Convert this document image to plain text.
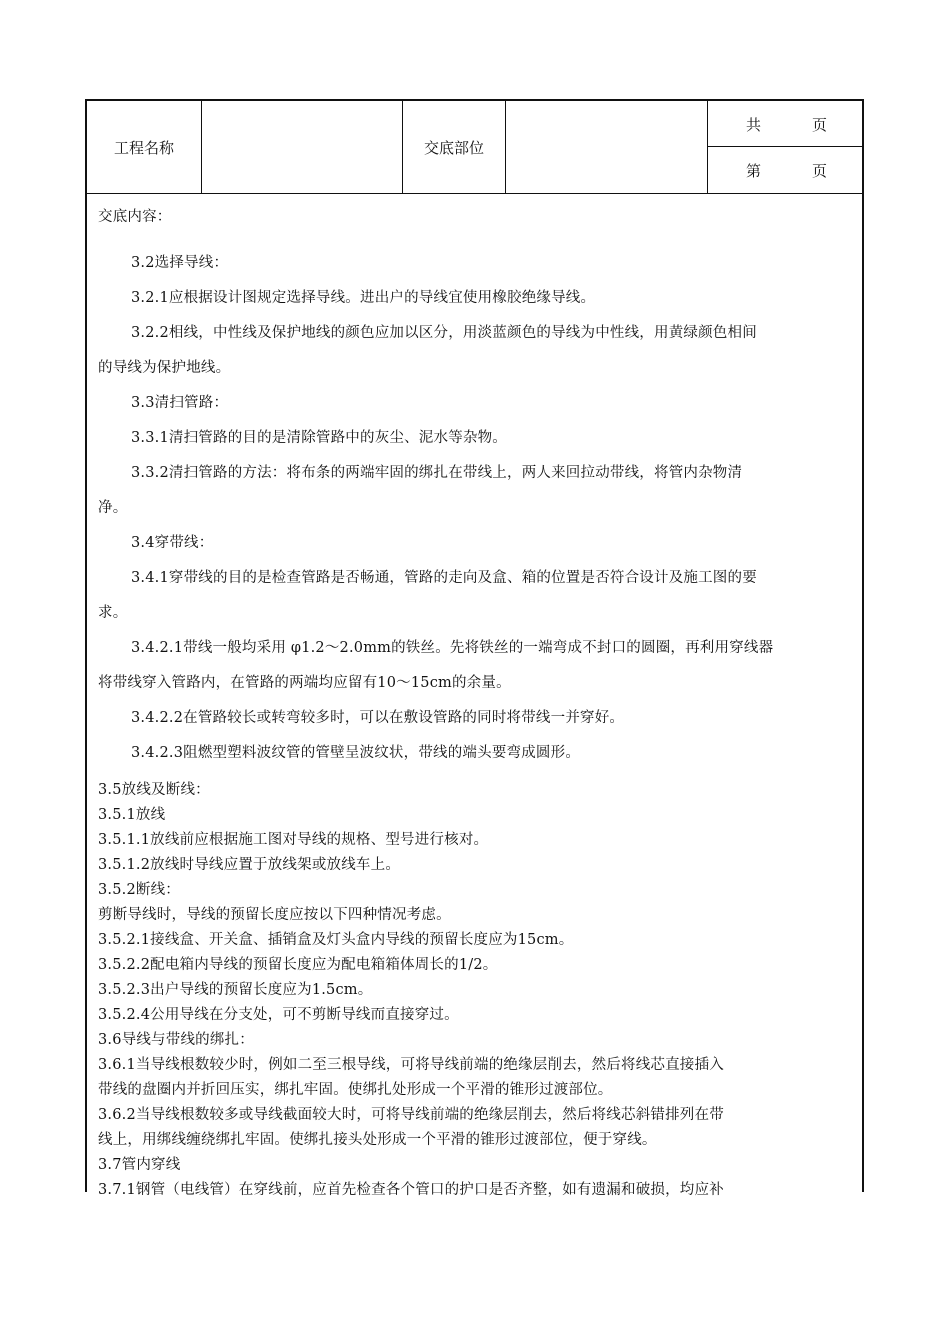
工程名称	交底部位
共	页
第	页
交底内容：
3.2选择导线：
3.2.1应根据设计图规定选择导线。进出户的导线宜使用橡胶绝缘导线。
3.2.2相线，中性线及保护地线的颜色应加以区分，用淡蓝颜色的导线为中性线，用黄绿颜色相间
的导线为保护地线。
3.3清扫管路：
3.3.1清扫管路的目的是清除管路中的灰尘、泥水等杂物。
3.3.2清扫管路的方法：将布条的两端牢固的绑扎在带线上，两人来回拉动带线，将管内杂物清
净。
3.4穿带线：
3.4.1穿带线的目的是检查管路是否畅通，管路的走向及盒、箱的位置是否符合设计及施工图的要
求。
3.4.2.1带线一般均采用 φ1.2～2.0mm的铁丝。先将铁丝的一端弯成不封口的圆圈，再利用穿线器
将带线穿入管路内，在管路的两端均应留有10～15cm的余量。
3.4.2.2在管路较长或转弯较多时，可以在敷设管路的同时将带线一并穿好。
3.4.2.3阻燃型塑料波纹管的管壁呈波纹状，带线的端头要弯成圆形。
3.5放线及断线：
3.5.1放线
3.5.1.1放线前应根据施工图对导线的规格、型号进行核对。
3.5.1.2放线时导线应置于放线架或放线车上。
3.5.2断线：
剪断导线时，导线的预留长度应按以下四种情况考虑。
3.5.2.1接线盒、开关盒、插销盒及灯头盒内导线的预留长度应为15cm。
3.5.2.2配电箱内导线的预留长度应为配电箱箱体周长的1/2。
3.5.2.3出户导线的预留长度应为1.5cm。
3.5.2.4公用导线在分支处，可不剪断导线而直接穿过。
3.6导线与带线的绑扎：
3.6.1当导线根数较少时，例如二至三根导线，可将导线前端的绝缘层削去，然后将线芯直接插入
带线的盘圈内并折回压实，绑扎牢固。使绑扎处形成一个平滑的锥形过渡部位。
3.6.2当导线根数较多或导线截面较大时，可将导线前端的绝缘层削去，然后将线芯斜错排列在带
线上，用绑线缠绕绑扎牢固。使绑扎接头处形成一个平滑的锥形过渡部位，便于穿线。
3.7管内穿线
3.7.1钢管（电线管）在穿线前，应首先检查各个管口的护口是否齐整，如有遗漏和破损，均应补
